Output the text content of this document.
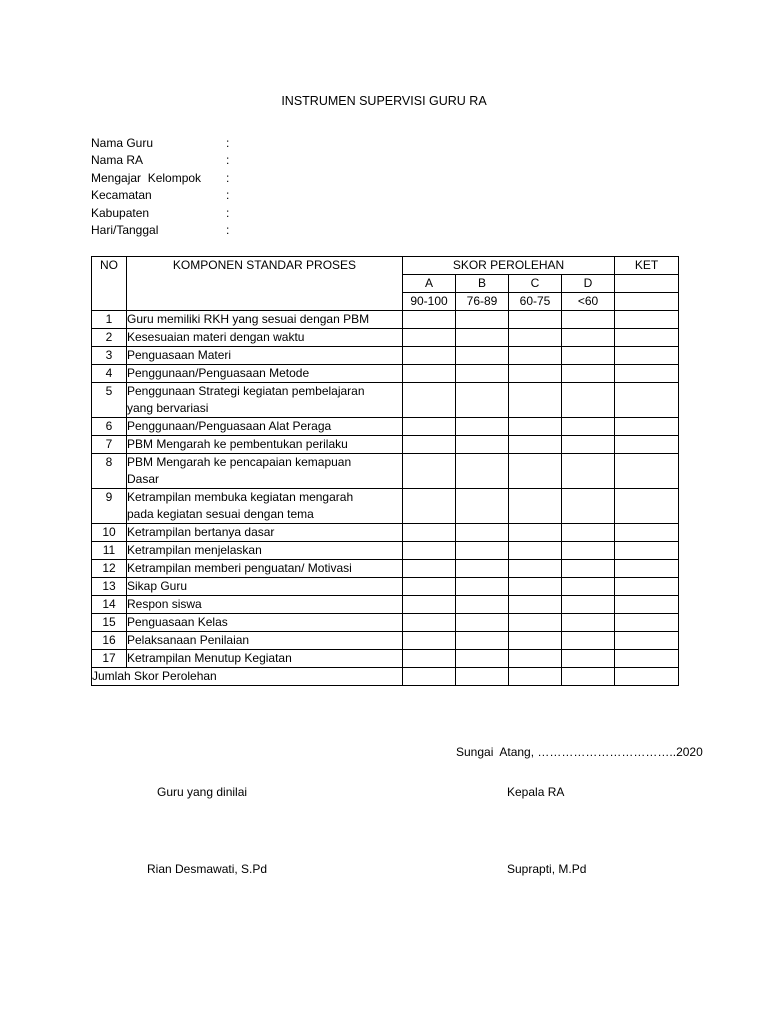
INSTRUMEN SUPERVISI GURU RA
Nama Guru	:
Nama RA	:
Mengajar  Kelompok	:
Kecamatan	:
Kabupaten	:
Hari/Tanggal	:
NO	KOMPONEN STANDAR PROSES	SKOR PEROLEHAN				KET
		A	B	C	D	
		90-100	76-89	60-75	<60	
1	Guru memiliki RKH yang sesuai dengan PBM					

2	Kesesuaian materi dengan waktu					

3	Penguasaan Materi					

4	Penggunaan/Penguasaan Metode					

5	Penggunaan Strategi kegiatan pembelajaran
yang bervariasi					

6	Penggunaan/Penguasaan Alat Peraga					

7	PBM Mengarah ke pembentukan perilaku					

8	PBM Mengarah ke pencapaian kemapuan
Dasar					

9	Ketrampilan membuka kegiatan mengarah
pada kegiatan sesuai dengan tema					

10	Ketrampilan bertanya dasar					

11	Ketrampilan menjelaskan					

12	Ketrampilan memberi penguatan/ Motivasi					

13	Sikap Guru					

14	Respon siswa					

15	Penguasaan Kelas					

16	Pelaksanaan Penilaian					

17	Ketrampilan Menutup Kegiatan					

Jumlah Skor Perolehan						
Sungai  Atang, ……………………………..2020
Guru yang dinilai	Kepala RA
Rian Desmawati, S.Pd	Suprapti, M.Pd
